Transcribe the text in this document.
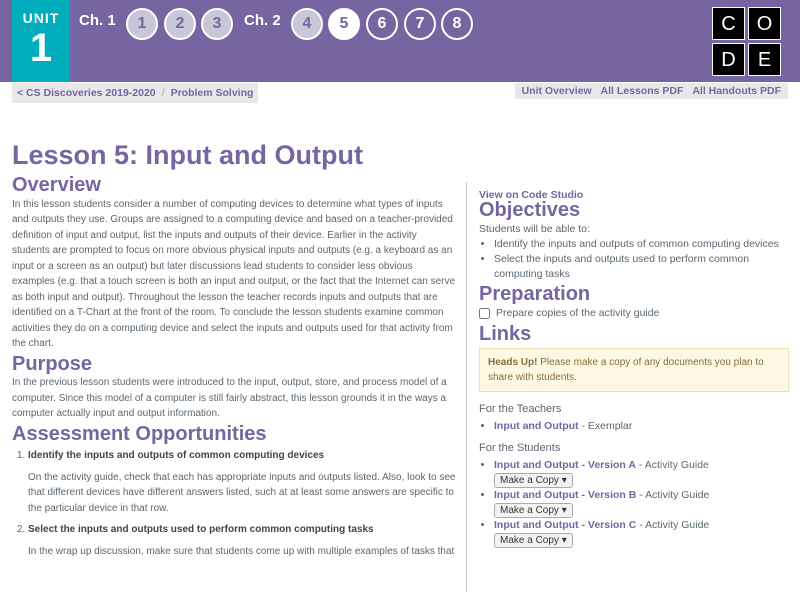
UNIT
1
Ch. 1	1	2	3	Ch. 2	4	5	6	7	8	C	O
D	E
< CS Discoveries 2019-2020 / Problem Solving	Unit Overview All Lessons PDF All Handouts PDF
Lesson 5: Input and Output
Overview

In this lesson students consider a number of computing devices to determine what types of inputs and outputs they use. Groups are assigned to a computing device and based on a teacher-provided definition of input and output, list the inputs and outputs of their device. Earlier in the activity students are prompted to focus on more obvious physical inputs and outputs (e.g. a keyboard as an input or a screen as an output) but later discussions lead students to consider less obvious examples (e.g. that a touch screen is both an input and output, or the fact that the Internet can serve as both input and output). Throughout the lesson the teacher records inputs and outputs that are identified on a T-Chart at the front of the room. To conclude the lesson students examine common activities they do on a computing device and select the inputs and outputs used for that activity from the chart.

Purpose

In the previous lesson students were introduced to the input, output, store, and process model of a computer. Since this model of a computer is still fairly abstract, this lesson grounds it in the ways a computer actually input and output information.

Assessment Opportunities
1. Identify the inputs and outputs of common computing devices

On the activity guide, check that each has appropriate inputs and outputs listed. Also, look to see that different devices have different answers listed, such at at least some answers are specific to the particular device in that row.

2. Select the inputs and outputs used to perform common computing tasks

In the wrap up discussion, make sure that students come up with multiple examples of tasks that

View on Code Studio
Objectives
Students will be able to:
• Identify the inputs and outputs of common computing devices
• Select the inputs and outputs used to perform common computing tasks
Preparation
Prepare copies of the activity guide
Links
Heads Up! Please make a copy of any documents you plan to share with students.
For the Teachers
• Input and Output - Exemplar
For the Students
• Input and Output - Version A - Activity Guide
Make a Copy ▾
• Input and Output - Version B - Activity Guide
Make a Copy ▾
• Input and Output - Version C - Activity Guide
Make a Copy ▾
